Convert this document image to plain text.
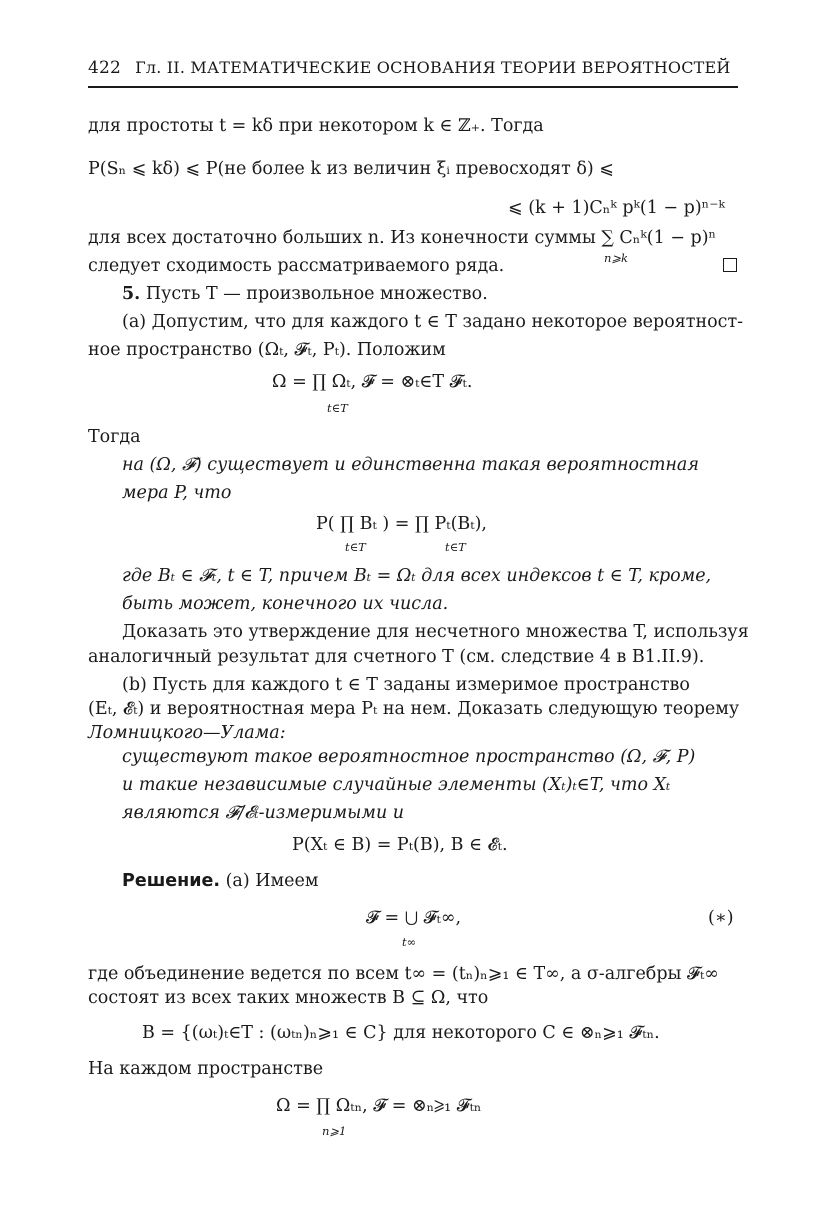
422 Гл. II. МАТЕМАТИЧЕСКИЕ ОСНОВАНИЯ ТЕОРИИ ВЕРОЯТНОСТЕЙ
для простоты t = kδ при некотором k ∈ ℤ₊. Тогда
P(Sₙ ⩽ kδ) ⩽ P(не более k из величин ξᵢ превосходят δ) ⩽
⩽ (k + 1)Cₙᵏ pᵏ(1 − p)ⁿ⁻ᵏ
для всех достаточно больших n. Из конечности суммы ∑ Cₙᵏ(1 − p)ⁿ
n⩾k
следует сходимость рассматриваемого ряда.
5. Пусть T — произвольное множество.
(a) Допустим, что для каждого t ∈ T задано некоторое вероятност-
ное пространство (Ωₜ, 𝓕ₜ, Pₜ). Положим
Ω = ∏ Ωₜ, 𝓕 = ⊗ₜ∈T 𝓕ₜ.
t∈T
Тогда
на (Ω, 𝓕) существует и единственна такая вероятностная
мера P, что
P( ∏ Bₜ ) = ∏ Pₜ(Bₜ),
t∈T	t∈T
где Bₜ ∈ 𝓕ₜ, t ∈ T, причем Bₜ = Ωₜ для всех индексов t ∈ T, кроме,
быть может, конечного их числа.
Доказать это утверждение для несчетного множества T, используя
аналогичный результат для счетного T (см. следствие 4 в В1.II.9).
(b) Пусть для каждого t ∈ T заданы измеримое пространство
(Eₜ, 𝓔ₜ) и вероятностная мера Pₜ на нем. Доказать следующую теорему
Ломницкого—Улама:
существуют такое вероятностное пространство (Ω, 𝓕, P)
и такие независимые случайные элементы (Xₜ)ₜ∈T, что Xₜ
являются 𝓕/𝓔ₜ-измеримыми и
P(Xₜ ∈ B) = Pₜ(B), B ∈ 𝓔ₜ.
Решение. (a) Имеем
𝓕 = ⋃ 𝓕ₜ∞,
t∞
(∗)
где объединение ведется по всем t∞ = (tₙ)ₙ⩾₁ ∈ T∞, а σ-алгебры 𝓕ₜ∞
состоят из всех таких множеств B ⊆ Ω, что
B = {(ωₜ)ₜ∈T : (ωₜₙ)ₙ⩾₁ ∈ C} для некоторого C ∈ ⊗ₙ⩾₁ 𝓕ₜₙ.
На каждом пространстве
Ω = ∏ Ωₜₙ, 𝓕 = ⊗ₙ⩾₁ 𝓕ₜₙ
n⩾1
